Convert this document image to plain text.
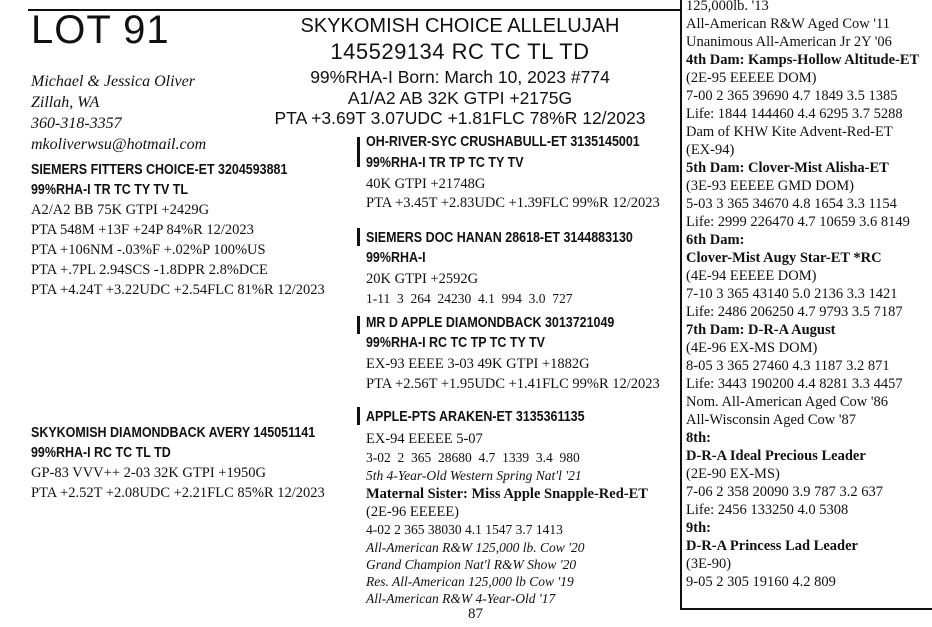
LOT 91	SKYKOMISH CHOICE ALLELUJAH
145529134 RC TC TL TD
99%RHA-I Born: March 10, 2023 #774
A1/A2 AB 32K GTPI +2175G
PTA +3.69T 3.07UDC +1.81FLC 78%R 12/2023
Michael & Jessica Oliver
Zillah, WA
360-318-3357
mkoliverwsu@hotmail.com
SIEMERS FITTERS CHOICE-ET 3204593881
99%RHA-I TR TC TY TV TL
A2/A2 BB 75K GTPI +2429G
PTA 548M +13F +24P 84%R 12/2023
PTA +106NM -.03%F +.02%P 100%US
PTA +.7PL 2.94SCS -1.8DPR 2.8%DCE
PTA +4.24T +3.22UDC +2.54FLC 81%R 12/2023
SKYKOMISH DIAMONDBACK AVERY 145051141
99%RHA-I RC TC TL TD
GP-83 VVV++ 2-03 32K GTPI +1950G
PTA +2.52T +2.08UDC +2.21FLC 85%R 12/2023
OH-RIVER-SYC CRUSHABULL-ET 3135145001
99%RHA-I TR TP TC TY TV
40K GTPI +21748G
PTA +3.45T +2.83UDC +1.39FLC 99%R 12/2023
SIEMERS DOC HANAN 28618-ET 3144883130
99%RHA-I
20K GTPI +2592G
1-11  3  264  24230  4.1  994  3.0  727
MR D APPLE DIAMONDBACK 3013721049
99%RHA-I RC TC TP TC TY TV
EX-93 EEEE 3-03 49K GTPI +1882G
PTA +2.56T +1.95UDC +1.41FLC 99%R 12/2023
APPLE-PTS ARAKEN-ET 3135361135
EX-94 EEEEE 5-07
3-02  2  365  28680  4.7  1339  3.4  980
5th 4-Year-Old Western Spring Nat'l '21
Maternal Sister: Miss Apple Snapple-Red-ET
(2E-96 EEEEE)
4-02 2 365 38030 4.1 1547 3.7 1413
All-American R&W 125,000 lb. Cow '20
Grand Champion Nat'l R&W Show '20
Res. All-American 125,000 lb Cow '19
All-American R&W 4-Year-Old '17
87
125,000lb. '13
All-American R&W Aged Cow '11
Unanimous All-American Jr 2Y '06
4th Dam: Kamps-Hollow Altitude-ET
(2E-95 EEEEE DOM)
7-00 2 365 39690 4.7 1849 3.5 1385
Life: 1844 144460 4.4 6295 3.7 5288
Dam of KHW Kite Advent-Red-ET
(EX-94)
5th Dam: Clover-Mist Alisha-ET
(3E-93 EEEEE GMD DOM)
5-03 3 365 34670 4.8 1654 3.3 1154
Life: 2999 226470 4.7 10659 3.6 8149
6th Dam:
Clover-Mist Augy Star-ET *RC
(4E-94 EEEEE DOM)
7-10 3 365 43140 5.0 2136 3.3 1421
Life: 2486 206250 4.7 9793 3.5 7187
7th Dam: D-R-A August
(4E-96 EX-MS DOM)
8-05 3 365 27460 4.3 1187 3.2 871
Life: 3443 190200 4.4 8281 3.3 4457
Nom. All-American Aged Cow '86
All-Wisconsin Aged Cow '87
8th:
D-R-A Ideal Precious Leader
(2E-90 EX-MS)
7-06 2 358 20090 3.9 787 3.2 637
Life: 2456 133250 4.0 5308
9th:
D-R-A Princess Lad Leader
(3E-90)
9-05 2 305 19160 4.2 809
